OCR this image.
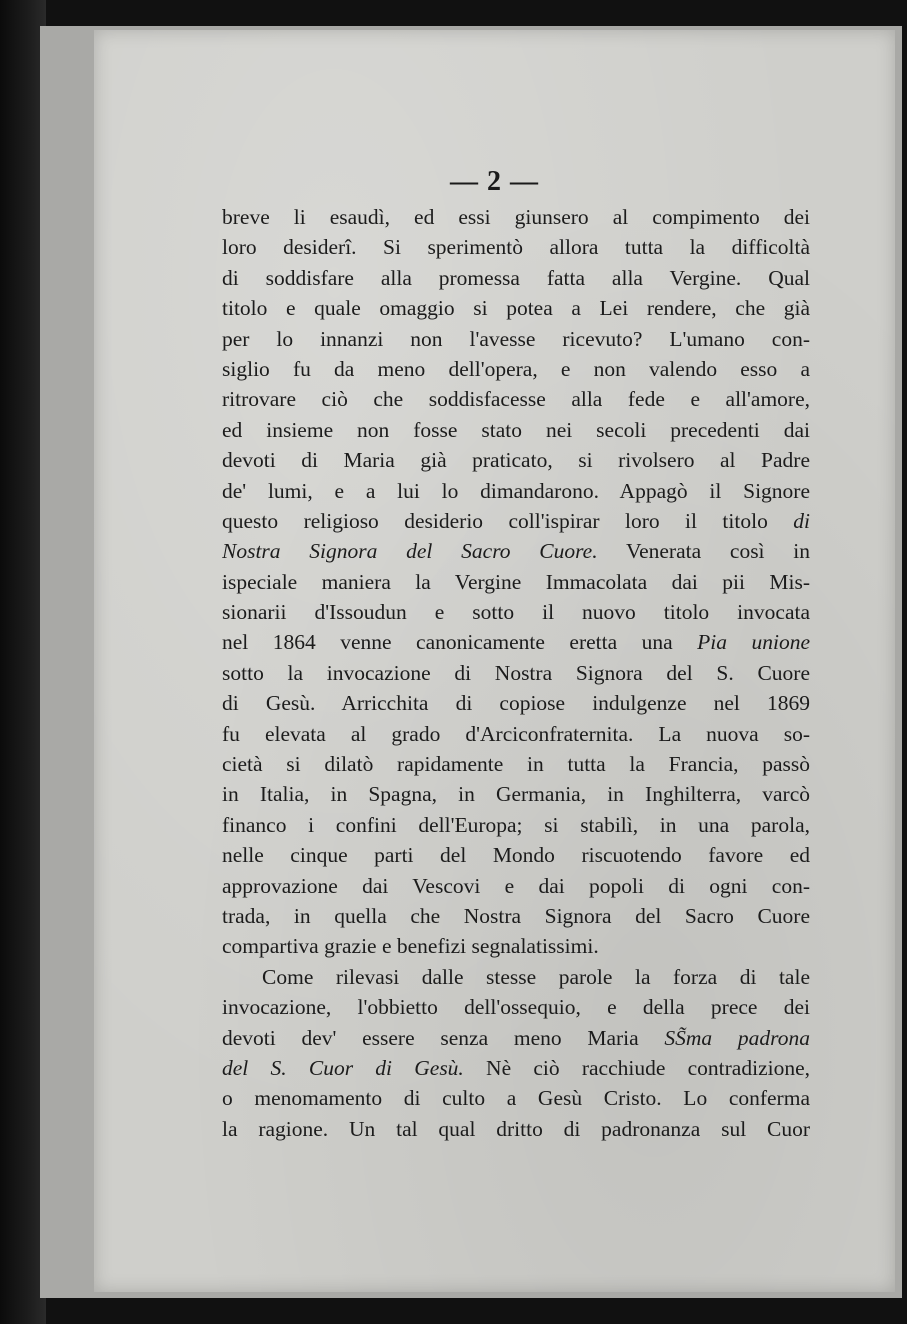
— 2 —
breve li esaudì, ed essi giunsero al compimento dei
loro desiderî. Si sperimentò allora tutta la difficoltà
di soddisfare alla promessa fatta alla Vergine. Qual
titolo e quale omaggio si potea a Lei rendere, che già
per lo innanzi non l'avesse ricevuto? L'umano con-
siglio fu da meno dell'opera, e non valendo esso a
ritrovare ciò che soddisfacesse alla fede e all'amore,
ed insieme non fosse stato nei secoli precedenti dai
devoti di Maria già praticato, si rivolsero al Padre
de' lumi, e a lui lo dimandarono. Appagò il Signore
questo religioso desiderio coll'ispirar loro il titolo di
Nostra Signora del Sacro Cuore. Venerata così in
ispeciale maniera la Vergine Immacolata dai pii Mis-
sionarii d'Issoudun e sotto il nuovo titolo invocata
nel 1864 venne canonicamente eretta una Pia unione
sotto la invocazione di Nostra Signora del S. Cuore
di Gesù. Arricchita di copiose indulgenze nel 1869
fu elevata al grado d'Arciconfraternita. La nuova so-
cietà si dilatò rapidamente in tutta la Francia, passò
in Italia, in Spagna, in Germania, in Inghilterra, varcò
financo i confini dell'Europa; si stabilì, in una parola,
nelle cinque parti del Mondo riscuotendo favore ed
approvazione dai Vescovi e dai popoli di ogni con-
trada, in quella che Nostra Signora del Sacro Cuore
compartiva grazie e benefizi segnalatissimi.
Come rilevasi dalle stesse parole la forza di tale
invocazione, l'obbietto dell'ossequio, e della prece dei
devoti dev' essere senza meno Maria SS̃ma padrona
del S. Cuor di Gesù. Nè ciò racchiude contradizione,
o menomamento di culto a Gesù Cristo. Lo conferma
la ragione. Un tal qual dritto di padronanza sul Cuor
